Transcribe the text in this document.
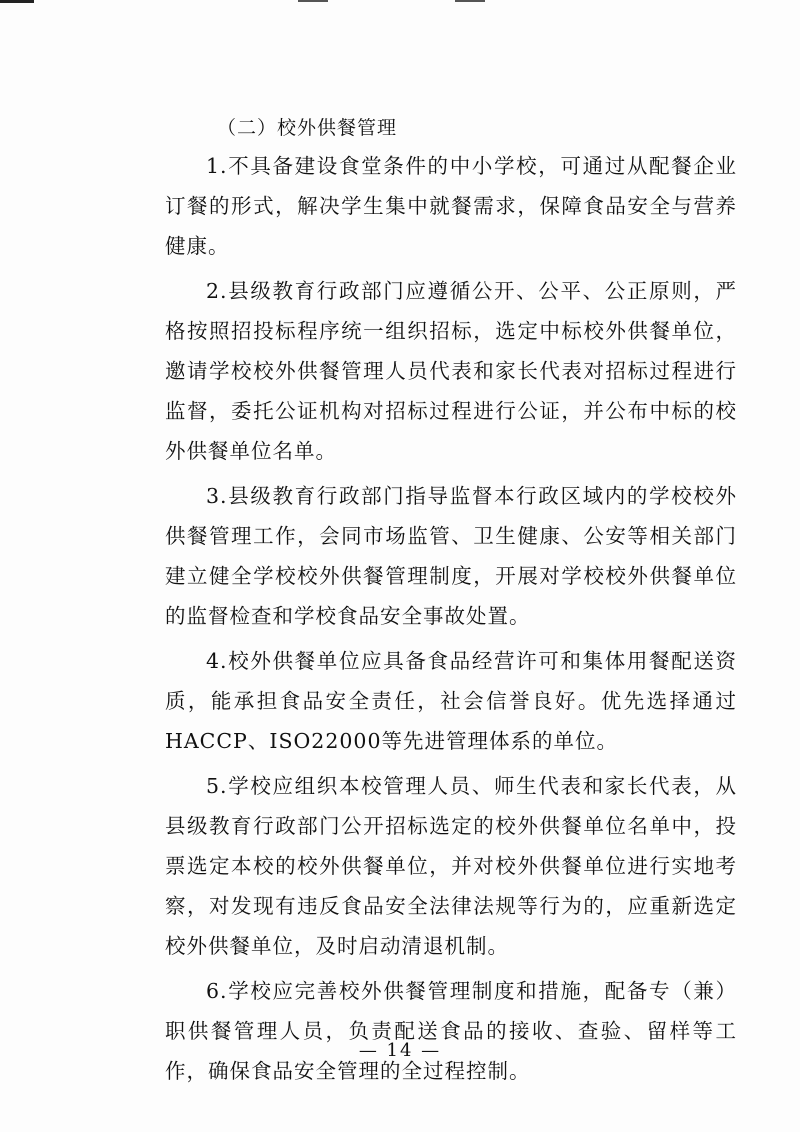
（二）校外供餐管理

1.不具备建设食堂条件的中小学校，可通过从配餐企业订餐的形式，解决学生集中就餐需求，保障食品安全与营养健康。

2.县级教育行政部门应遵循公开、公平、公正原则，严格按照招投标程序统一组织招标，选定中标校外供餐单位，邀请学校校外供餐管理人员代表和家长代表对招标过程进行监督，委托公证机构对招标过程进行公证，并公布中标的校外供餐单位名单。

3.县级教育行政部门指导监督本行政区域内的学校校外供餐管理工作，会同市场监管、卫生健康、公安等相关部门建立健全学校校外供餐管理制度，开展对学校校外供餐单位的监督检查和学校食品安全事故处置。

4.校外供餐单位应具备食品经营许可和集体用餐配送资质，能承担食品安全责任，社会信誉良好。优先选择通过HACCP、ISO22000等先进管理体系的单位。

5.学校应组织本校管理人员、师生代表和家长代表，从县级教育行政部门公开招标选定的校外供餐单位名单中，投票选定本校的校外供餐单位，并对校外供餐单位进行实地考察，对发现有违反食品安全法律法规等行为的，应重新选定校外供餐单位，及时启动清退机制。

6.学校应完善校外供餐管理制度和措施，配备专（兼）职供餐管理人员，负责配送食品的接收、查验、留样等工作，确保食品安全管理的全过程控制。

— 14 —
